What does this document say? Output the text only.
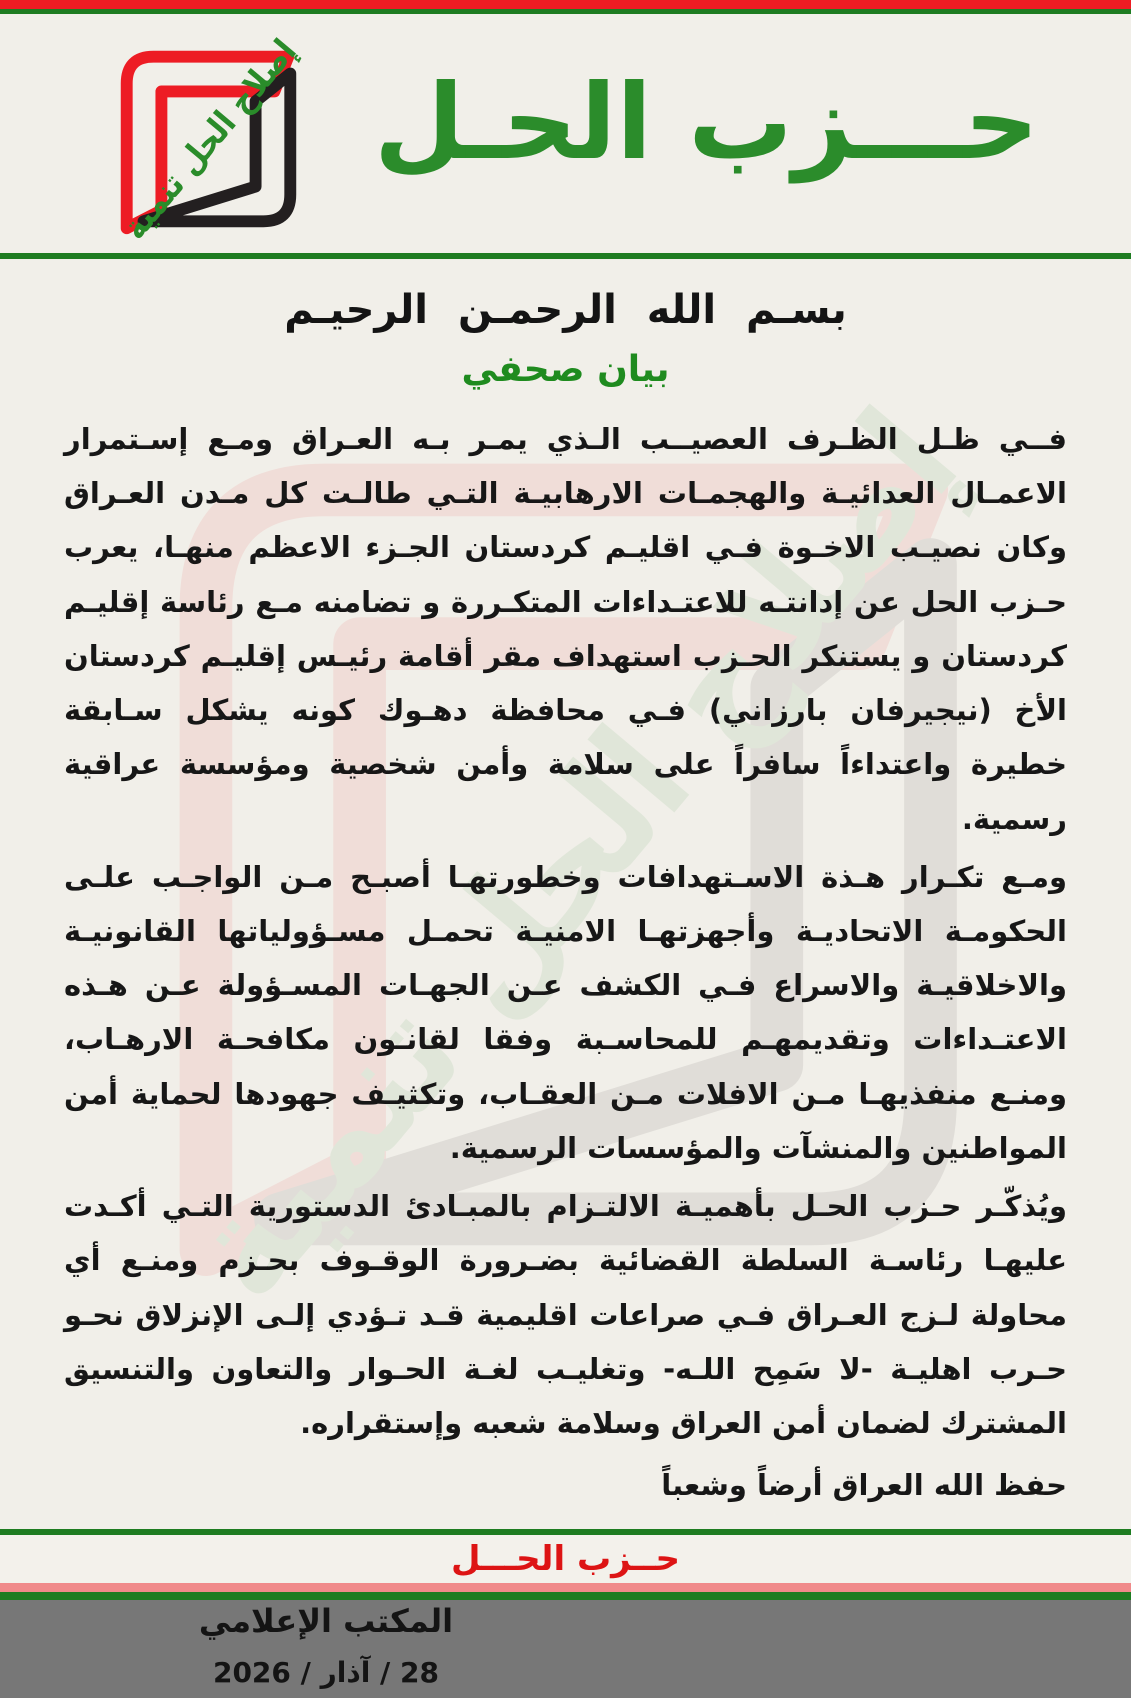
حـــزب الحـل
بسـم الله الرحمـن الرحيـم
بيان صحفي

فــي ظـل الظـرف العصيــب الـذي يمـر بـه العـراق ومـع إسـتمرار الاعمـال العدائيـة والهجمـات الارهابيـة التـي طالـت كل مـدن العـراق وكان نصيـب الاخـوة فـي اقليـم كردستان الجـزء الاعظم منهـا، يعرب حـزب الحل عن إدانتـه للاعتـداءات المتكـررة و تضامنه مـع رئاسة إقليـم كردستان و يستنكر الحـزب استهداف مقر أقامة رئيـس إقليـم كردستان الأخ (نيجيرفان بارزاني) فـي محافظة دهـوك كونه يشكل سـابقة خطيرة واعتداءاً سافراً على سلامة وأمن شخصية ومؤسسة عراقية رسمية.

ومـع تكـرار هـذة الاسـتهدافات وخطورتهـا أصبـح مـن الواجـب علـى الحكومـة الاتحاديـة وأجهزتهـا الامنيـة تحمـل مسـؤولياتها القانونيـة والاخلاقيـة والاسراع فـي الكشف عـن الجهـات المسـؤولة عـن هـذه الاعتـداءات وتقديمهـم للمحاسـبة وفقا لقانـون مكافحـة الارهـاب، ومنـع منفذيهـا مـن الافلات مـن العقـاب، وتكثيـف جهودها لحماية أمن المواطنين والمنشآت والمؤسسات الرسمية.

ويُذكّـر حـزب الحـل بأهميـة الالتـزام بالمبـادئ الدستورية التـي أكـدت عليهـا رئاسـة السلطة القضائية بضـرورة الوقـوف بحـزم ومنـع أي محاولة لـزج العـراق فـي صراعات اقليمية قـد تـؤدي إلـى الإنزلاق نحـو حـرب اهليـة -لا سَمِح اللـه- وتغليـب لغـة الحـوار والتعاون والتنسيق المشترك لضمان أمن العراق وسلامة شعبه وإستقراره.

حفظ الله العراق أرضاً وشعباً

المكتب الإعلامي
28 / آذار / 2026
حــزب الحـــل
